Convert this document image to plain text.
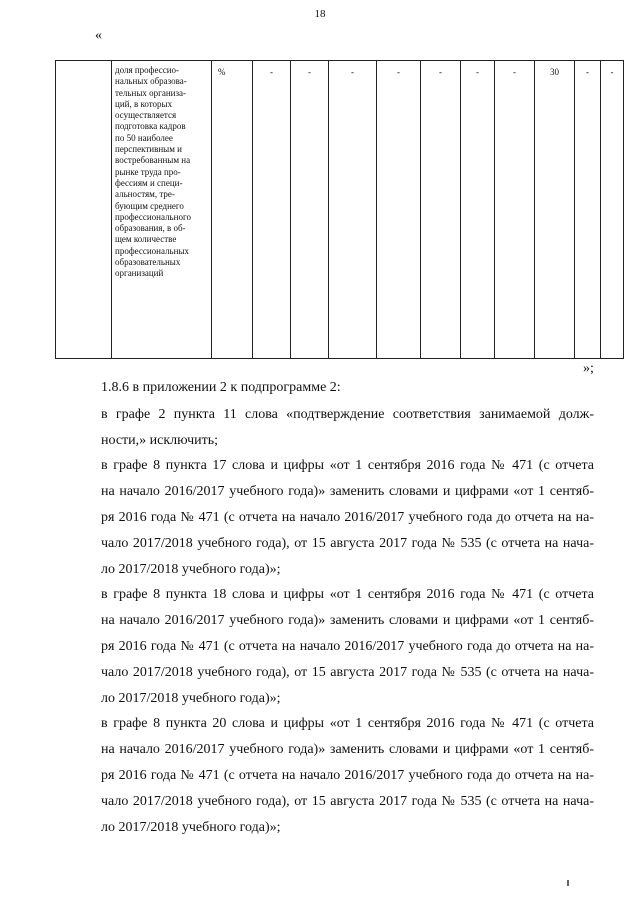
18
«
	доля профессио-
нальных образова-
тельных организа-
ций, в которых
осуществляется
подготовка кадров
по 50 наиболее
перспективным и
востребованным на
рынке труда про-
фессиям и специ-
альностям, тре-
бующим среднего
профессионального
образования, в об-
щем количестве
профессиональных
образовательных
организаций	%	-	-	-	-	-	-	-	30	-	-
»;

1.8.6 в приложении 2 к подпрограмме 2:

в графе 2 пункта 11 слова «подтверждение соответствия занимаемой долж-
ности,» исключить;

в графе 8 пункта 17 слова и цифры «от 1 сентября 2016 года № 471 (с отчета
на начало 2016/2017 учебного года)» заменить словами и цифрами «от 1 сентяб-
ря 2016 года № 471 (с отчета на начало 2016/2017 учебного года до отчета на на-
чало 2017/2018 учебного года), от 15 августа 2017 года № 535 (с отчета на нача-
ло 2017/2018 учебного года)»;

в графе 8 пункта 18 слова и цифры «от 1 сентября 2016 года № 471 (с отчета
на начало 2016/2017 учебного года)» заменить словами и цифрами «от 1 сентяб-
ря 2016 года № 471 (с отчета на начало 2016/2017 учебного года до отчета на на-
чало 2017/2018 учебного года), от 15 августа 2017 года № 535 (с отчета на нача-
ло 2017/2018 учебного года)»;

в графе 8 пункта 20 слова и цифры «от 1 сентября 2016 года № 471 (с отчета
на начало 2016/2017 учебного года)» заменить словами и цифрами «от 1 сентяб-
ря 2016 года № 471 (с отчета на начало 2016/2017 учебного года до отчета на на-
чало 2017/2018 учебного года), от 15 августа 2017 года № 535 (с отчета на нача-
ло 2017/2018 учебного года)»;
